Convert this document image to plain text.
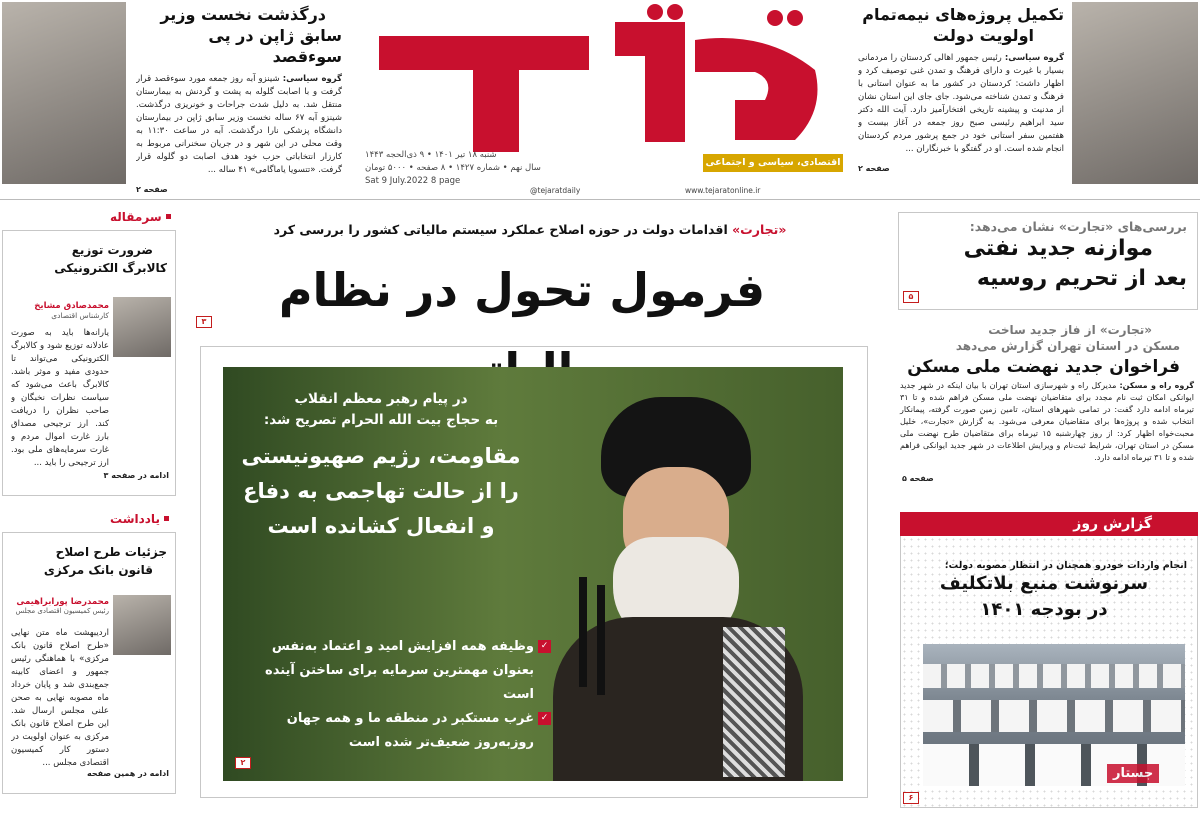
اقتصادی، سیاسی و اجتماعی
شنبه ۱۸ تیر ۱۴۰۱ • ۹ ذی‌الحجه ۱۴۴۳
سال نهم • شماره ۱۴۲۷ • ۸ صفحه • ۵۰۰۰ تومان
Sat 9 July.2022 8 page
www.tejaratonline.ir
@tejaratdaily
تکمیل پروژه‌های نیمه‌تمام
اولویت دولت
گروه سیاسی: رئیس جمهور اهالی کردستان را مردمانی بسیار با غیرت و دارای فرهنگ و تمدن غنی توصیف کرد و اظهار داشت: کردستان در کشور ما به عنوان استانی با فرهنگ و تمدن شناخته می‌شود. جای جای این استان نشان از مدنیت و پیشینه تاریخی افتخارآمیز دارد. آیت الله دکتر سید ابراهیم رئیسی صبح روز جمعه در آغاز بیست و هفتمین سفر استانی خود در جمع پرشور مردم کردستان انجام شده است. او در گفتگو با خبرنگاران ...
صفحه ۲
درگذشت نخست وزیر
سابق ژاپن در پی سوءقصد
گروه سیاسی: شینزو آبه روز جمعه مورد سوءقصد قرار گرفت و با اصابت گلوله به پشت و گردنش به بیمارستان منتقل شد. به دلیل شدت جراحات و خونریزی درگذشت. شینزو آبه ۶۷ ساله نخست وزیر سابق ژاپن در بیمارستان دانشگاه پزشکی نارا درگذشت. آبه در ساعت ۱۱:۳۰ به وقت محلی در این شهر و در جریان سخنرانی مربوط به کارزار انتخاباتی حزب خود هدف اصابت دو گلوله قرار گرفت. «تتسویا یاماگامی» ۴۱ ساله ...
صفحه ۲
«تجارت» اقدامات دولت در حوزه اصلاح عملکرد سیستم مالیاتی کشور را بررسی کرد
فرمول تحول در نظام
۳
در پیام رهبر معظم انقلاب
به حجاج بیت الله الحرام تصریح شد:
مقاومت، رژیم صهیونیستی
را از حالت تهاجمی به دفاع
و انفعال کشانده است
✓وظیفه همه افزایش امید و اعتماد به‌نفس
بعنوان مهمترین سرمایه برای ساختن آینده است
✓غرب مستکبر در منطقه ما و همه جهان
روز‌به‌روز ضعیف‌تر شده است
۲
سرمقاله
ضرورت توزیع
کالابرگ الکترونیکی
محمدصادق مشایخ
کارشناس اقتصادی
یارانه‌ها باید به صورت عادلانه توزیع شود و کالابرگ الکترونیکی می‌تواند تا حدودی مفید و موثر باشد. کالابرگ باعث می‌شود که سیاست نظرات نخبگان و صاحب نظران را دریافت کند. ارز ترجیحی مصداق بارز غارت اموال مردم و غارت سرمایه‌های ملی بود. ارز ترجیحی را باید ...
ادامه در صفحه ۳
یادداشت
جزئیات طرح اصلاح
قانون بانک مرکزی
محمدرضا پورابراهیمی
رئیس کمیسیون اقتصادی مجلس
اردیبهشت ماه متن نهایی «طرح اصلاح قانون بانک مرکزی» با هماهنگی رئیس جمهور و اعضای کابینه جمع‌بندی شد و پایان خرداد ماه مصوبه نهایی به صحن علنی مجلس ارسال شد. این طرح اصلاح قانون بانک مرکزی به عنوان اولویت در دستور کار کمیسیون اقتصادی مجلس ...
ادامه در همین صفحه
بررسی‌های «تجارت» نشان می‌دهد:
موازنه جدید نفتی
بعد از تحریم روسیه
۵
«تجارت» از فاز جدید ساخت
مسکن در استان تهران گزارش می‌دهد
فراخوان جدید نهضت ملی مسکن
گروه راه و مسکن: مدیرکل راه و شهرسازی استان تهران با بیان اینکه در شهر جدید ایوانکی امکان ثبت نام مجدد برای متقاضیان نهضت ملی مسکن فراهم شده و تا ۳۱ تیرماه ادامه دارد گفت: در تمامی شهرهای استان، تامین زمین صورت گرفته، پیمانکار انتخاب شده و پروژه‌ها برای متقاضیان معرفی می‌شود. به گزارش «تجارت»، خلیل محبت‌خواه اظهار کرد: از روز چهارشنبه ۱۵ تیرماه برای متقاضیان طرح نهضت ملی مسکن در استان تهران، شرایط ثبت‌نام و ویرایش اطلاعات در شهر جدید ایوانکی فراهم شده و تا ۳۱ تیرماه ادامه دارد.
صفحه ۵
گزارش روز
انجام واردات خودرو همچنان در انتظار مصوبه دولت؛
سرنوشت منبع بلاتکلیف
در بودجه ۱۴۰۱
جستار
۶
